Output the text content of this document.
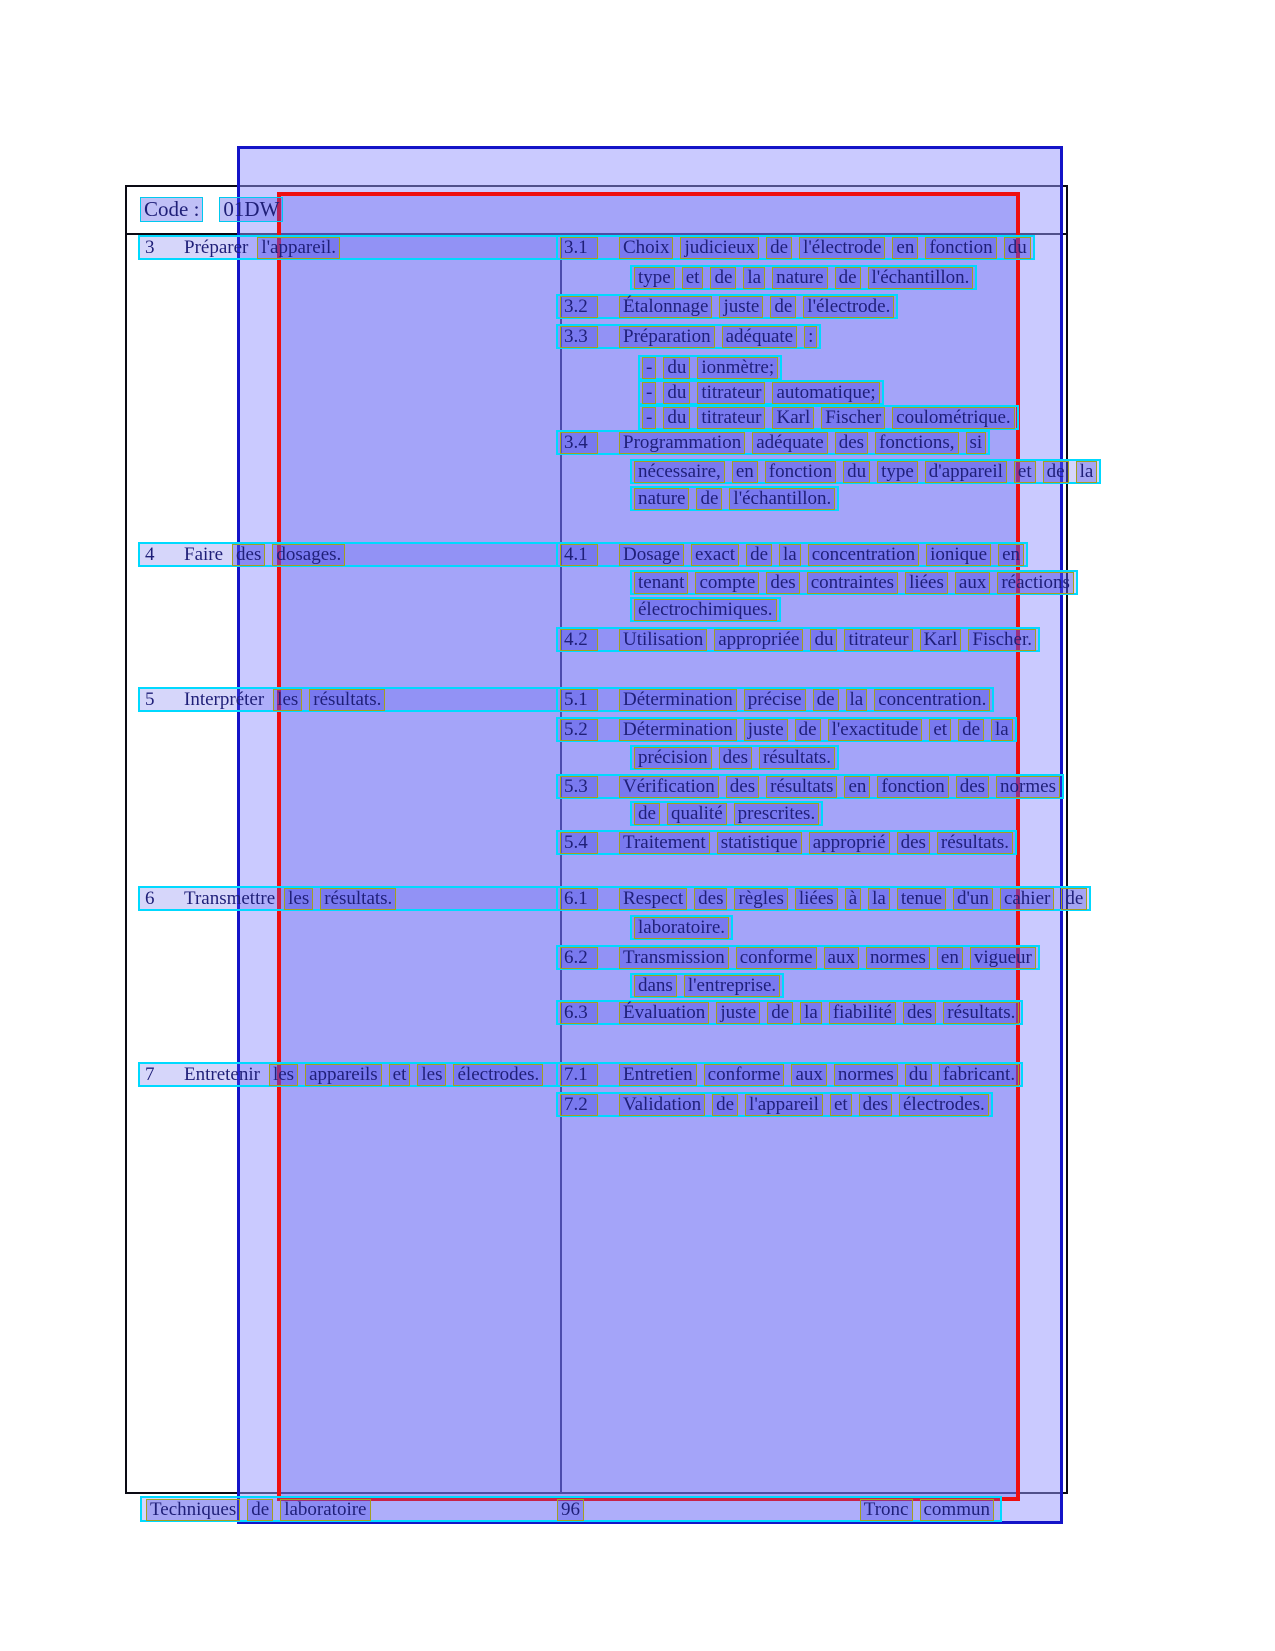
Code : 01DW
Techniques de laboratoire	96	Tronc commun
3	Préparer l'appareil.	3.1	Choix judicieux de l'électrode en fonction du
type et de la nature de l'échantillon.
3.2	Étalonnage juste de l'électrode.
3.3	Préparation adéquate :
- du ionmètre;
- du titrateur automatique;
- du titrateur Karl Fischer coulométrique.
3.4	Programmation adéquate des fonctions, si
nécessaire, en fonction du type d'appareil et de la
nature de l'échantillon.
4	Faire des dosages.	4.1	Dosage exact de la concentration ionique en
tenant compte des contraintes liées aux réactions
électrochimiques.
4.2	Utilisation appropriée du titrateur Karl Fischer.
5	Interpréter les résultats.	5.1	Détermination précise de la concentration.
5.2	Détermination juste de l'exactitude et de la
précision des résultats.
5.3	Vérification des résultats en fonction des normes
de qualité prescrites.
5.4	Traitement statistique approprié des résultats.
6	Transmettre les résultats.	6.1	Respect des règles liées à la tenue d'un cahier de
laboratoire.
6.2	Transmission conforme aux normes en vigueur
dans l'entreprise.
6.3	Évaluation juste de la fiabilité des résultats.
7	Entretenir les appareils et les électrodes. 7.1	Entretien conforme aux normes du fabricant.
7.2	Validation de l'appareil et des électrodes.
